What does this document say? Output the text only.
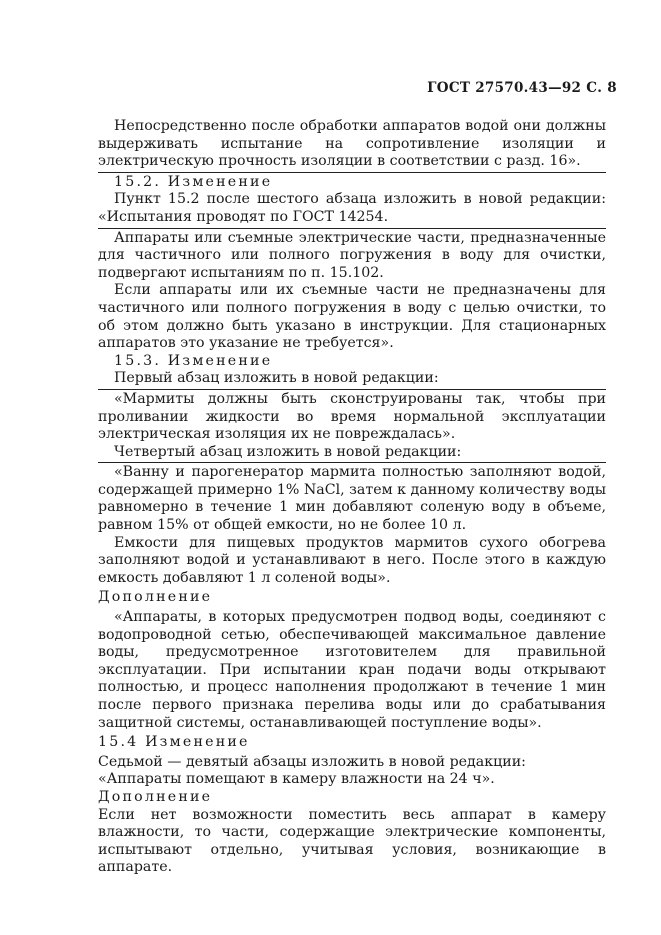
ГОСТ 27570.43—92 С. 8

Непосредственно после обработки аппаратов водой они должны выдерживать испытание на сопротивление изоляции и электрическую прочность изоляции в соответствии с разд. 16».

15.2. Изменение

Пункт 15.2 после шестого абзаца изложить в новой редакции: «Испытания проводят по ГОСТ 14254.

Аппараты или съемные электрические части, предназначенные для частичного или полного погружения в воду для очистки, подвергают испытаниям по п. 15.102.

Если аппараты или их съемные части не предназначены для частичного или полного погружения в воду с целью очистки, то об этом должно быть указано в инструкции. Для стационарных аппаратов это указание не требуется».

15.3. Изменение

Первый абзац изложить в новой редакции:

«Мармиты должны быть сконструированы так, чтобы при проливании жидкости во время нормальной эксплуатации электрическая изоляция их не повреждалась».

Четвертый абзац изложить в новой редакции:

«Ванну и парогенератор мармита полностью заполняют водой, содержащей примерно 1% NaCl, затем к данному количеству воды равномерно в течение 1 мин добавляют соленую воду в объеме, равном 15% от общей емкости, но не более 10 л.

Емкости для пищевых продуктов мармитов сухого обогрева заполняют водой и устанавливают в него. После этого в каждую емкость добавляют 1 л соленой воды».

Дополнение

«Аппараты, в которых предусмотрен подвод воды, соединяют с водопроводной сетью, обеспечивающей максимальное давление воды, предусмотренное изготовителем для правильной эксплуатации. При испытании кран подачи воды открывают полностью, и процесс наполнения продолжают в течение 1 мин после первого признака перелива воды или до срабатывания защитной системы, останавливающей поступление воды».

15.4 Изменение

Седьмой — девятый абзацы изложить в новой редакции:

«Аппараты помещают в камеру влажности на 24 ч».

Дополнение

Если нет возможности поместить весь аппарат в камеру влажности, то части, содержащие электрические компоненты, испытывают отдельно, учитывая условия, возникающие в аппарате.
